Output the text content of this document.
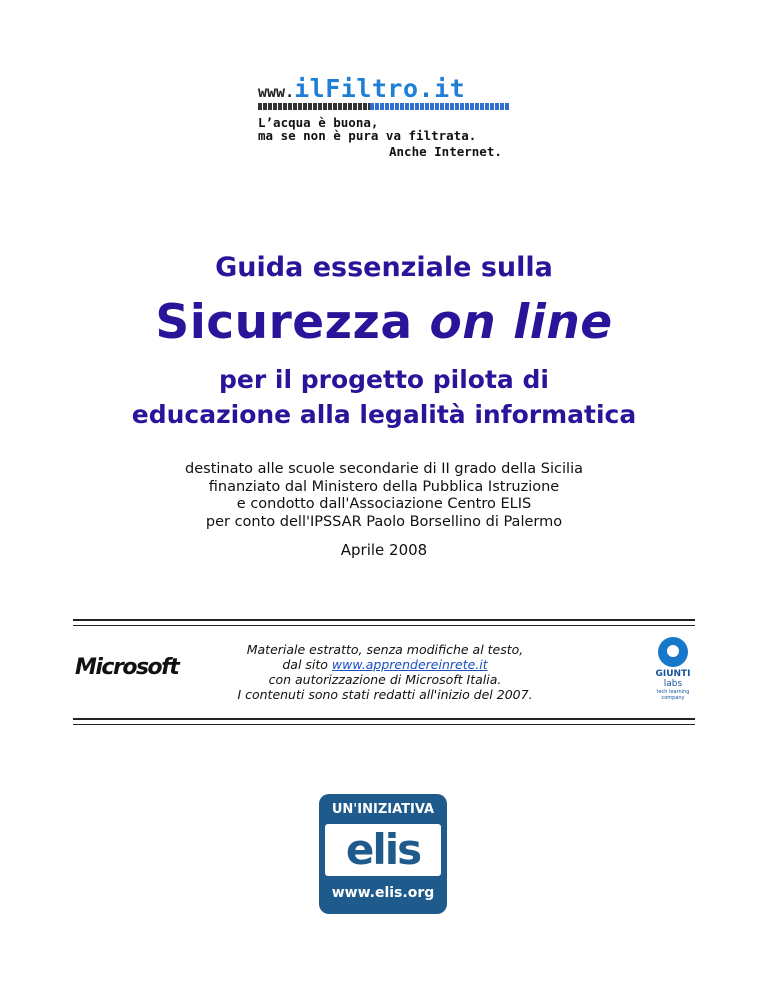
www.ilFiltro.it
L’acqua è buona,
ma se non è pura va filtrata.
Anche Internet.
Guida essenziale sulla
Sicurezza on line
per il progetto pilota di
educazione alla legalità informatica
destinato alle scuole secondarie di II grado della Sicilia
finanziato dal Ministero della Pubblica Istruzione
e condotto dall'Associazione Centro ELIS
per conto dell'IPSSAR Paolo Borsellino di Palermo
Aprile 2008
Microsoft
Materiale estratto, senza modifiche al testo,
dal sito www.apprendereinrete.it
con autorizzazione di Microsoft Italia.
I contenuti sono stati redatti all'inizio del 2007.
GIUNTI
labs
tech learning company
UN'INIZIATIVA
elis
www.elis.org
